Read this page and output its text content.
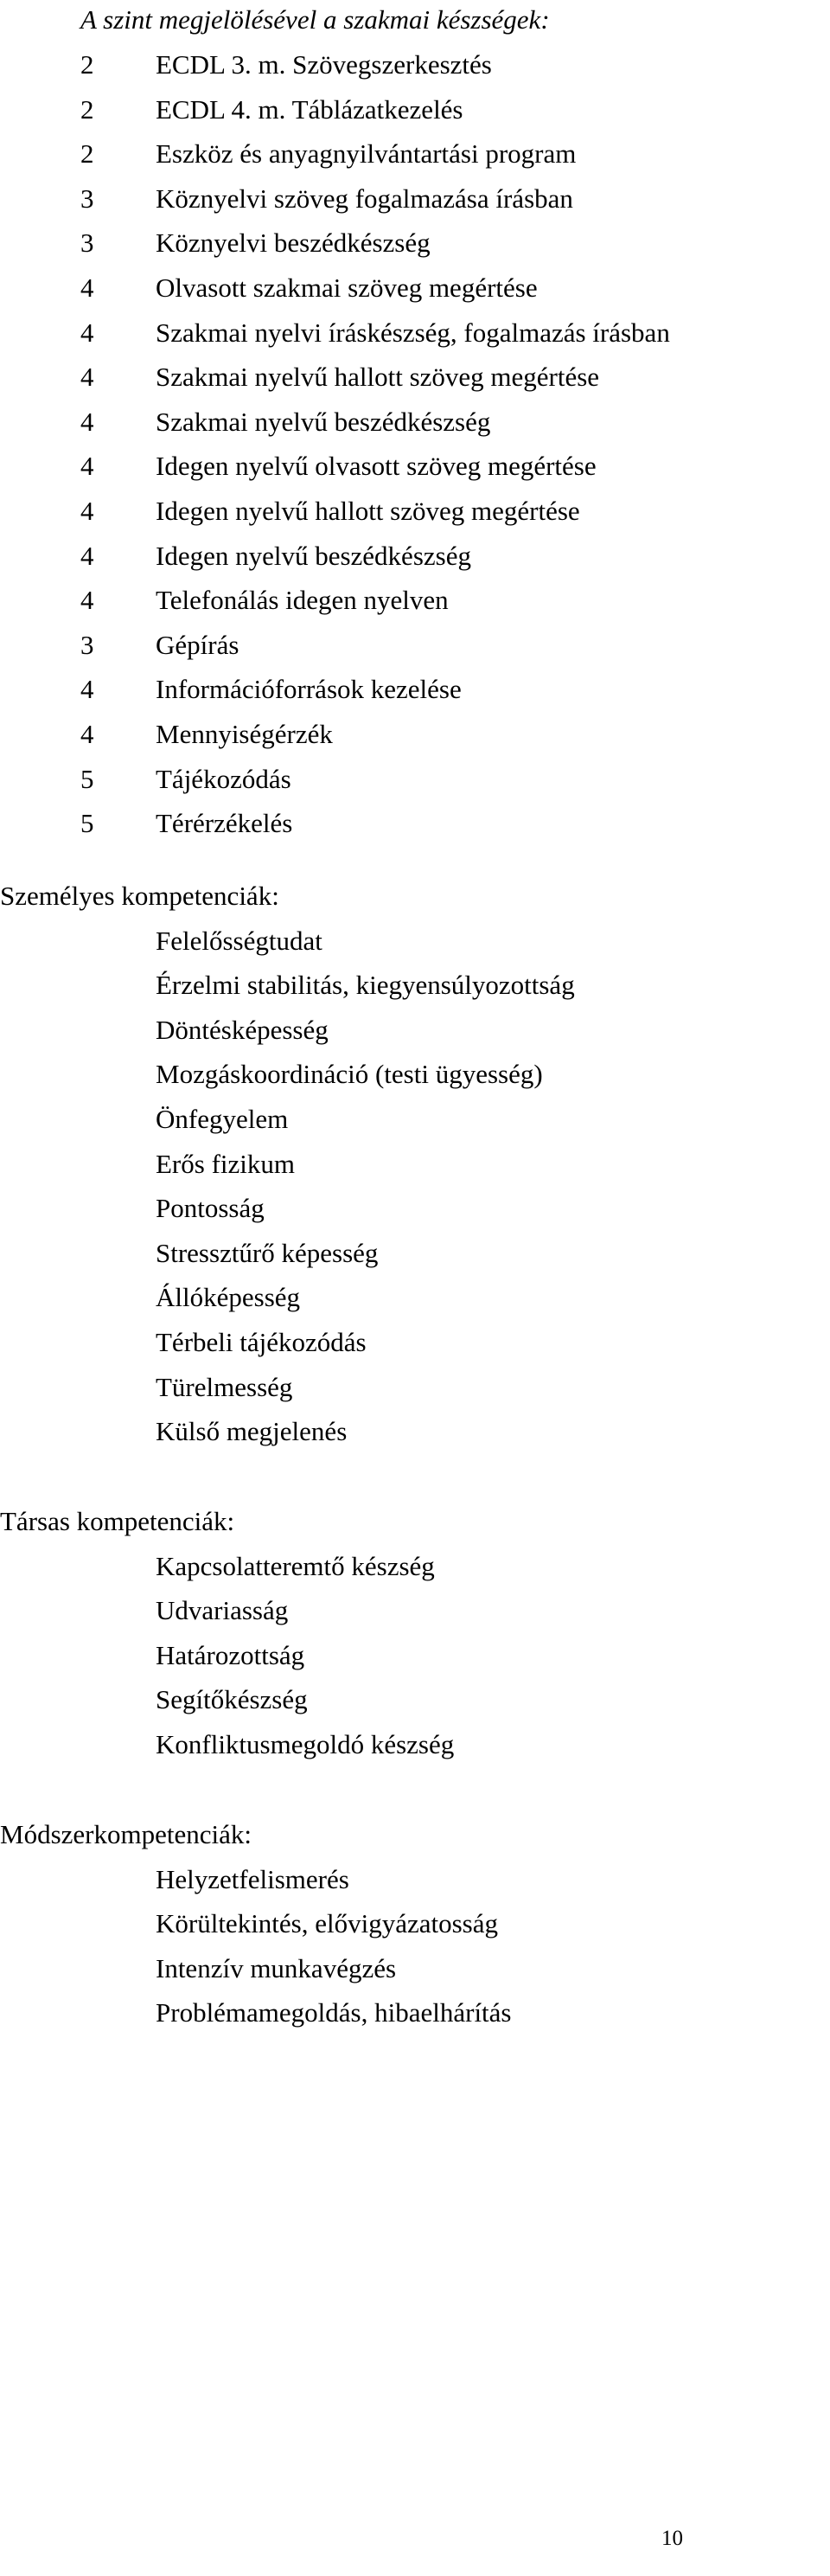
A szint megjelölésével a szakmai készségek:
2 ECDL 3. m. Szövegszerkesztés
2 ECDL 4. m. Táblázatkezelés
2 Eszköz és anyagnyilvántartási program
3 Köznyelvi szöveg fogalmazása írásban
3 Köznyelvi beszédkészség
4 Olvasott szakmai szöveg megértése
4 Szakmai nyelvi íráskészség, fogalmazás írásban
4 Szakmai nyelvű hallott szöveg megértése
4 Szakmai nyelvű beszédkészség
4 Idegen nyelvű olvasott szöveg megértése
4 Idegen nyelvű hallott szöveg megértése
4 Idegen nyelvű beszédkészség
4 Telefonálás idegen nyelven
3 Gépírás
4 Információforrások kezelése
4 Mennyiségérzék
5 Tájékozódás
5 Térérzékelés
Személyes kompetenciák:
Felelősségtudat
Érzelmi stabilitás, kiegyensúlyozottság
Döntésképesség
Mozgáskoordináció (testi ügyesség)
Önfegyelem
Erős fizikum
Pontosság
Stressztűrő képesség
Állóképesség
Térbeli tájékozódás
Türelmesség
Külső megjelenés
Társas kompetenciák:
Kapcsolatteremtő készség
Udvariasság
Határozottság
Segítőkészség
Konfliktusmegoldó készség
Módszerkompetenciák:
Helyzetfelismerés
Körültekintés, elővigyázatosság
Intenzív munkavégzés
Problémamegoldás, hibaelhárítás
10
